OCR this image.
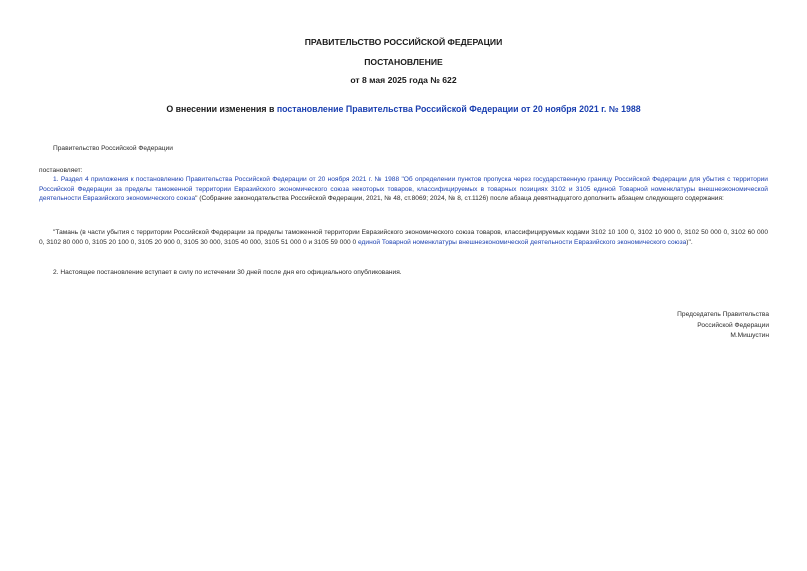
ПРАВИТЕЛЬСТВО РОССИЙСКОЙ ФЕДЕРАЦИИ
ПОСТАНОВЛЕНИЕ
от 8 мая 2025 года № 622
О внесении изменения в постановление Правительства Российской Федерации от 20 ноября 2021 г. № 1988
Правительство Российской Федерации
постановляет:
1. Раздел 4 приложения к постановлению Правительства Российской Федерации от 20 ноября 2021 г. № 1988 "Об определении пунктов пропуска через государственную границу Российской Федерации для убытия с территории Российской Федерации за пределы таможенной территории Евразийского экономического союза некоторых товаров, классифицируемых в товарных позициях 3102 и 3105 единой Товарной номенклатуры внешнеэкономической деятельности Евразийского экономического союза" (Собрание законодательства Российской Федерации, 2021, № 48, ст.8069; 2024, № 8, ст.1126) после абзаца девятнадцатого дополнить абзацем следующего содержания:
"Тамань (в части убытия с территории Российской Федерации за пределы таможенной территории Евразийского экономического союза товаров, классифицируемых кодами 3102 10 100 0, 3102 10 900 0, 3102 50 000 0, 3102 60 000 0, 3102 80 000 0, 3105 20 100 0, 3105 20 900 0, 3105 30 000, 3105 40 000, 3105 51 000 0 и 3105 59 000 0 единой Товарной номенклатуры внешнеэкономической деятельности Евразийского экономического союза)".
2. Настоящее постановление вступает в силу по истечении 30 дней после дня его официального опубликования.
Председатель Правительства
Российской Федерации
М.Мишустин
